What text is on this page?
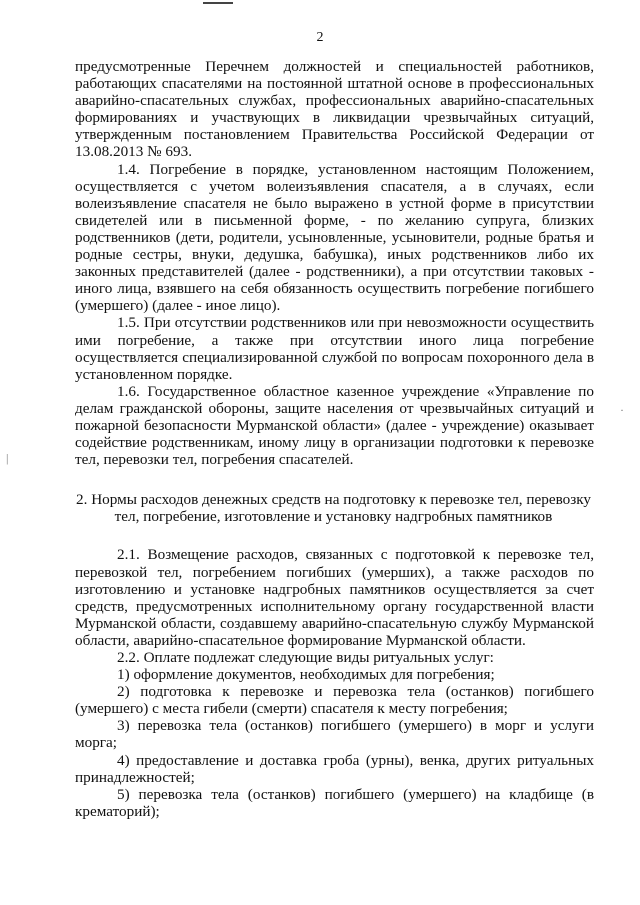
2
|
·

предусмотренные Перечнем должностей и специальностей работников, работающих спасателями на постоянной штатной основе в профессиональных аварийно-спасательных службах, профессиональных аварийно-спасательных формированиях и участвующих в ликвидации чрезвычайных ситуаций, утвержденным постановлением Правительства Российской Федерации от 13.08.2013 № 693.

1.4. Погребение в порядке, установленном настоящим Положением, осуществляется с учетом волеизъявления спасателя, а в случаях, если волеизъявление спасателя не было выражено в устной форме в присутствии свидетелей или в письменной форме, - по желанию супруга, близких родственников (дети, родители, усыновленные, усыновители, родные братья и родные сестры, внуки, дедушка, бабушка), иных родственников либо их законных представителей (далее - родственники), а при отсутствии таковых - иного лица, взявшего на себя обязанность осуществить погребение погибшего (умершего) (далее - иное лицо).

1.5. При отсутствии родственников или при невозможности осуществить ими погребение, а также при отсутствии иного лица погребение осуществляется специализированной службой по вопросам похоронного дела в установленном порядке.

1.6. Государственное областное казенное учреждение «Управление по делам гражданской обороны, защите населения от чрезвычайных ситуаций и пожарной безопасности Мурманской области» (далее - учреждение) оказывает содействие родственникам, иному лицу в организации подготовки к перевозке тел, перевозки тел, погребения спасателей.

2. Нормы расходов денежных средств на подготовку к перевозке тел, перевозку тел, погребение, изготовление и установку надгробных памятников

2.1. Возмещение расходов, связанных с подготовкой к перевозке тел, перевозкой тел, погребением погибших (умерших), а также расходов по изготовлению и установке надгробных памятников осуществляется за счет средств, предусмотренных исполнительному органу государственной власти Мурманской области, создавшему аварийно-спасательную службу Мурманской области, аварийно-спасательное формирование Мурманской области.

2.2. Оплате подлежат следующие виды ритуальных услуг:

1) оформление документов, необходимых для погребения;

2) подготовка к перевозке и перевозка тела (останков) погибшего (умершего) с места гибели (смерти) спасателя к месту погребения;

3) перевозка тела (останков) погибшего (умершего) в морг и услуги морга;

4) предоставление и доставка гроба (урны), венка, других ритуальных принадлежностей;

5) перевозка тела (останков) погибшего (умершего) на кладбище (в крематорий);
